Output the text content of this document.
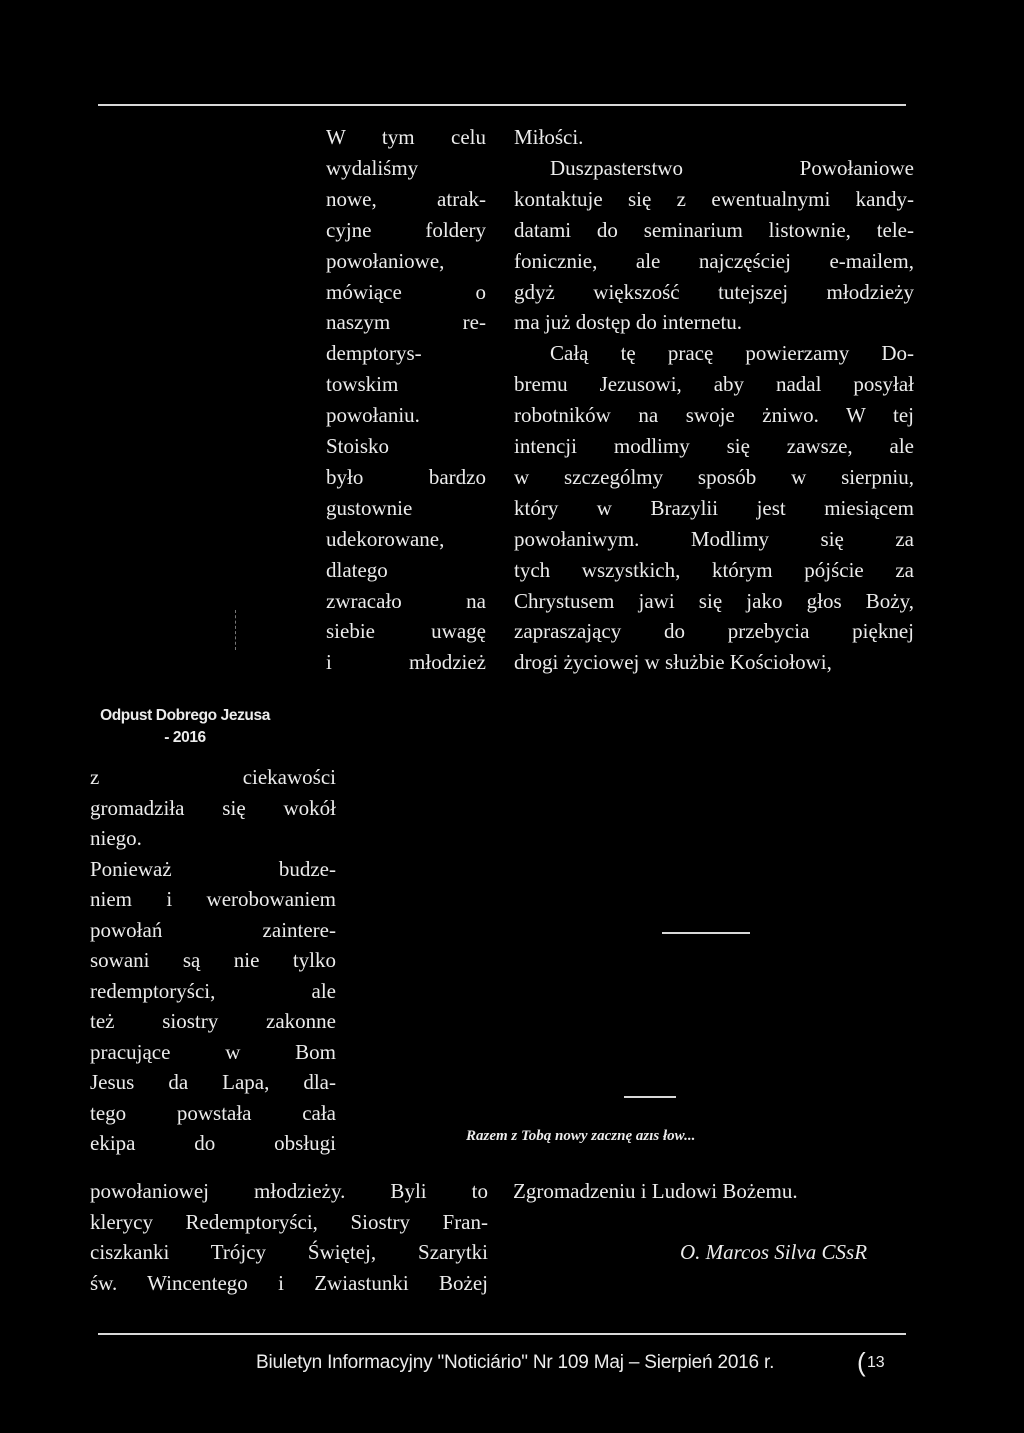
Odpust Dobrego Jezusa
- 2016
W tym celu
wydaliśmy
nowe, atrak-
cyjne foldery
powołaniowe,
mówiące o
naszym re-
demptorys-
towskim
powołaniu.
Stoisko
było bardzo
gustownie
udekorowane,
dlatego
zwracało na
siebie uwagę
i młodzież
z ciekawości
gromadziła się wokół
niego.
Ponieważ budze-
niem i werobowaniem
powołań zaintere-
sowani są nie tylko
redemptoryści, ale
też siostry zakonne
pracujące w Bom
Jesus da Lapa, dla-
tego powstała cała
ekipa do obsługi
powołaniowej młodzieży. Byli to
klerycy Redemptoryści, Siostry Fran-
ciszkanki Trójcy Świętej, Szarytki
św. Wincentego i Zwiastunki Bożej
Miłości.
Duszpasterstwo Powołaniowe
kontaktuje się z ewentualnymi kandy-
datami do seminarium listownie, tele-
fonicznie, ale najczęściej e-mailem,
gdyż większość tutejszej młodzieży
ma już dostęp do internetu.
Całą tę pracę powierzamy Do-
bremu Jezusowi, aby nadal posyłał
robotników na swoje żniwo. W tej
intencji modlimy się zawsze, ale
w szczególmy sposób w sierpniu,
który w Brazylii jest miesiącem
powołaniwym. Modlimy się za
tych wszystkich, którym pójście za
Chrystusem jawi się jako głos Boży,
zapraszający do przebycia pięknej
drogi życiowej w służbie Kościołowi,
Razem z Tobą nowy zacznę azıs łow...
Zgromadzeniu i Ludowi Bożemu.
O. Marcos Silva CSsR
Biuletyn Informacyjny "Noticiário" Nr 109 Maj – Sierpień 2016 r.	( 13
